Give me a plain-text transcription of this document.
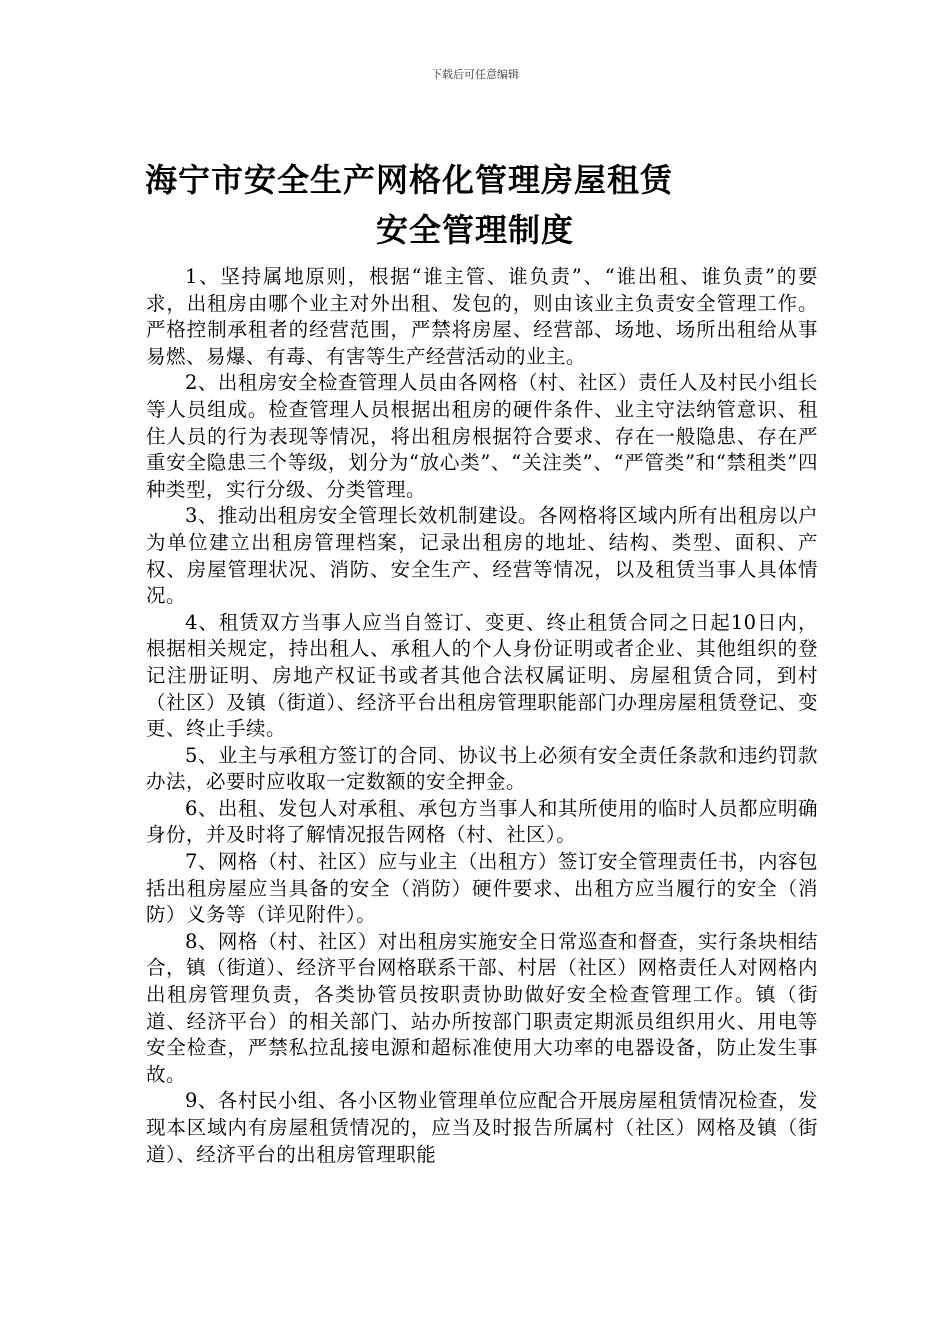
下载后可任意编辑
海宁市安全生产网格化管理房屋租赁
安全管理制度

1、坚持属地原则，根据“谁主管、谁负责”、“谁出租、谁负责”的要求，出租房由哪个业主对外出租、发包的，则由该业主负责安全管理工作。严格控制承租者的经营范围，严禁将房屋、经营部、场地、场所出租给从事易燃、易爆、有毒、有害等生产经营活动的业主。

2、出租房安全检查管理人员由各网格（村、社区）责任人及村民小组长等人员组成。检查管理人员根据出租房的硬件条件、业主守法纳管意识、租住人员的行为表现等情况，将出租房根据符合要求、存在一般隐患、存在严重安全隐患三个等级，划分为“放心类”、“关注类”、“严管类”和“禁租类”四种类型，实行分级、分类管理。

3、推动出租房安全管理长效机制建设。各网格将区域内所有出租房以户为单位建立出租房管理档案，记录出租房的地址、结构、类型、面积、产权、房屋管理状况、消防、安全生产、经营等情况，以及租赁当事人具体情况。

4、租赁双方当事人应当自签订、变更、终止租赁合同之日起10日内，根据相关规定，持出租人、承租人的个人身份证明或者企业、其他组织的登记注册证明、房地产权证书或者其他合法权属证明、房屋租赁合同，到村（社区）及镇（街道）、经济平台出租房管理职能部门办理房屋租赁登记、变更、终止手续。

5、业主与承租方签订的合同、协议书上必须有安全责任条款和违约罚款办法，必要时应收取一定数额的安全押金。

6、出租、发包人对承租、承包方当事人和其所使用的临时人员都应明确身份，并及时将了解情况报告网格（村、社区）。

7、网格（村、社区）应与业主（出租方）签订安全管理责任书，内容包括出租房屋应当具备的安全（消防）硬件要求、出租方应当履行的安全（消防）义务等（详见附件）。

8、网格（村、社区）对出租房实施安全日常巡查和督查，实行条块相结合，镇（街道）、经济平台网格联系干部、村居（社区）网格责任人对网格内出租房管理负责，各类协管员按职责协助做好安全检查管理工作。镇（街道、经济平台）的相关部门、站办所按部门职责定期派员组织用火、用电等安全检查，严禁私拉乱接电源和超标准使用大功率的电器设备，防止发生事故。

9、各村民小组、各小区物业管理单位应配合开展房屋租赁情况检查，发现本区域内有房屋租赁情况的，应当及时报告所属村（社区）网格及镇（街道）、经济平台的出租房管理职能
